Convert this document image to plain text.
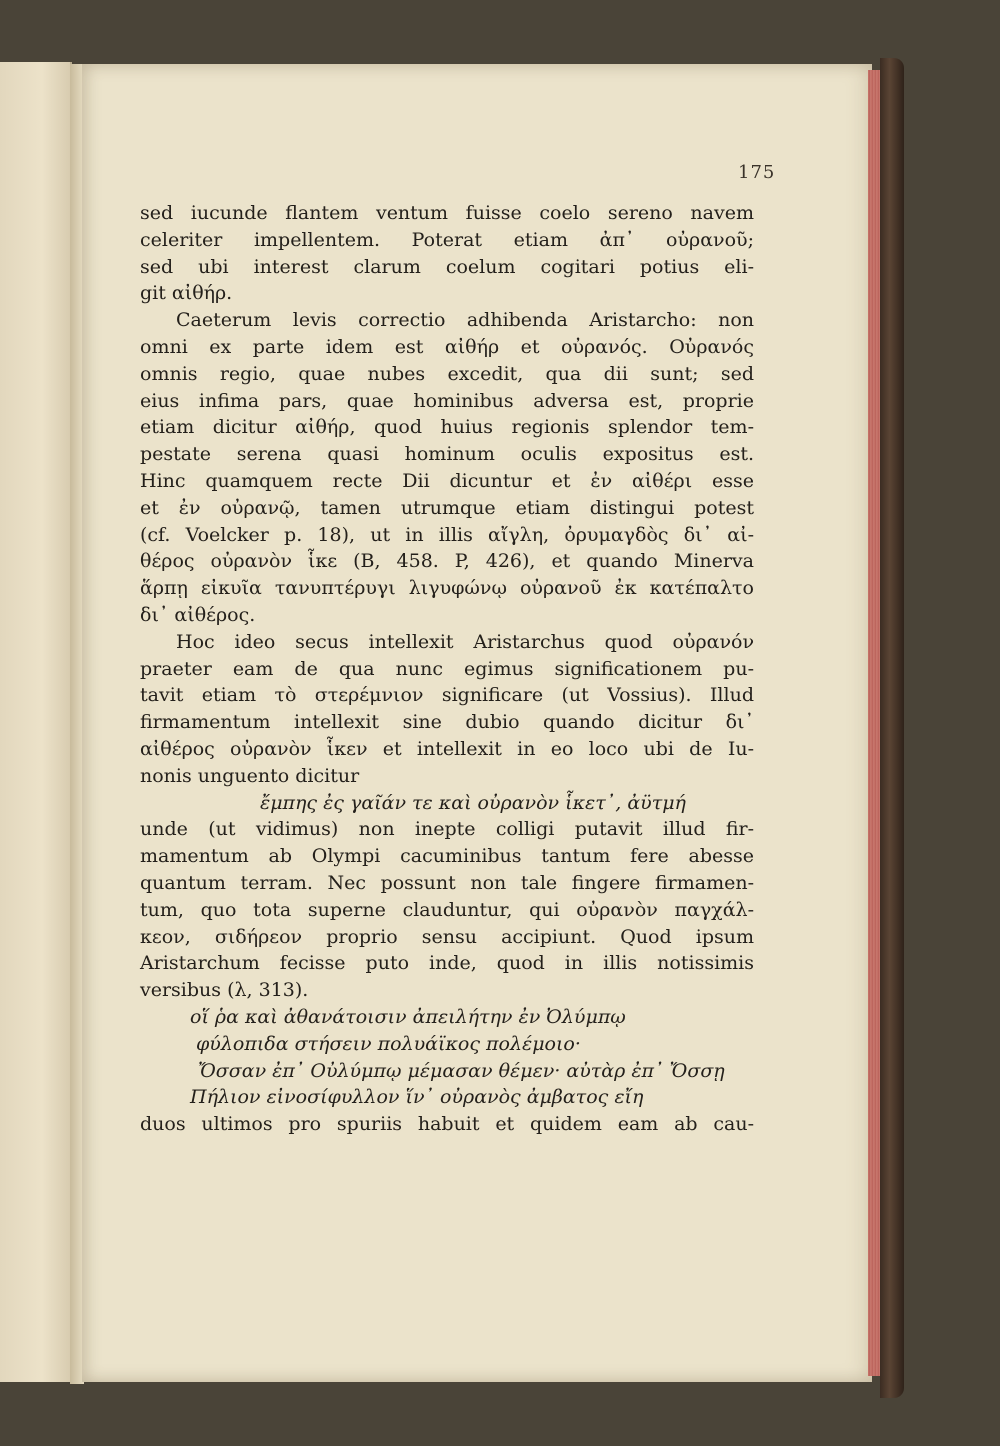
175
sed iucunde flantem ventum fuisse coelo sereno navem
celeriter impellentem. Poterat etiam ἀπ᾽ οὐρανοῦ;
sed ubi interest clarum coelum cogitari potius eli-
git αἰθήρ.
Caeterum levis correctio adhibenda Aristarcho: non
omni ex parte idem est αἰθήρ et οὐρανός. Οὐρανός
omnis regio, quae nubes excedit, qua dii sunt; sed
eius infima pars, quae hominibus adversa est, proprie
etiam dicitur αἰθήρ, quod huius regionis splendor tem-
pestate serena quasi hominum oculis expositus est.
Hinc quamquem recte Dii dicuntur et ἐν αἰθέρι esse
et ἐν οὐρανῷ, tamen utrumque etiam distingui potest
(cf. Voelcker p. 18), ut in illis αἴγλη, ὀρυμαγδὸς δι᾽ αἰ-
θέρος οὐρανὸν ἷκε (B, 458. P, 426), et quando Minerva
ἅρπῃ εἰκυῖα τανυπτέρυγι λιγυφώνῳ οὐρανοῦ ἐκ κατέπαλτο
δι᾽ αἰθέρος.
Hoc ideo secus intellexit Aristarchus quod οὐρανόν
praeter eam de qua nunc egimus significationem pu-
tavit etiam τὸ στερέμνιον significare (ut Vossius). Illud
firmamentum intellexit sine dubio quando dicitur δι᾽
αἰθέρος οὐρανὸν ἷκεν et intellexit in eo loco ubi de Iu-
nonis unguento dicitur
ἔμπης ἐς γαῖάν τε καὶ οὐρανὸν ἷκετ᾽, ἀϋτμή
unde (ut vidimus) non inepte colligi putavit illud fir-
mamentum ab Olympi cacuminibus tantum fere abesse
quantum terram. Nec possunt non tale fingere firmamen-
tum, quo tota superne clauduntur, qui οὐρανὸν παγχάλ-
κεον, σιδήρεον proprio sensu accipiunt. Quod ipsum
Aristarchum fecisse puto inde, quod in illis notissimis
versibus (λ, 313).
οἵ ῥα καὶ ἀθανάτοισιν ἀπειλήτην ἐν Ὀλύμπῳ
φύλοπιδα στήσειν πολυάϊκος πολέμοιο·
Ὄσσαν ἐπ᾽ Οὐλύμπῳ μέμασαν θέμεν· αὐτὰρ ἐπ᾽ Ὄσσῃ
Πήλιον εἰνοσίφυλλον ἵν᾽ οὐρανὸς ἀμβατος εἴη
duos ultimos pro spuriis habuit et quidem eam ab cau-
